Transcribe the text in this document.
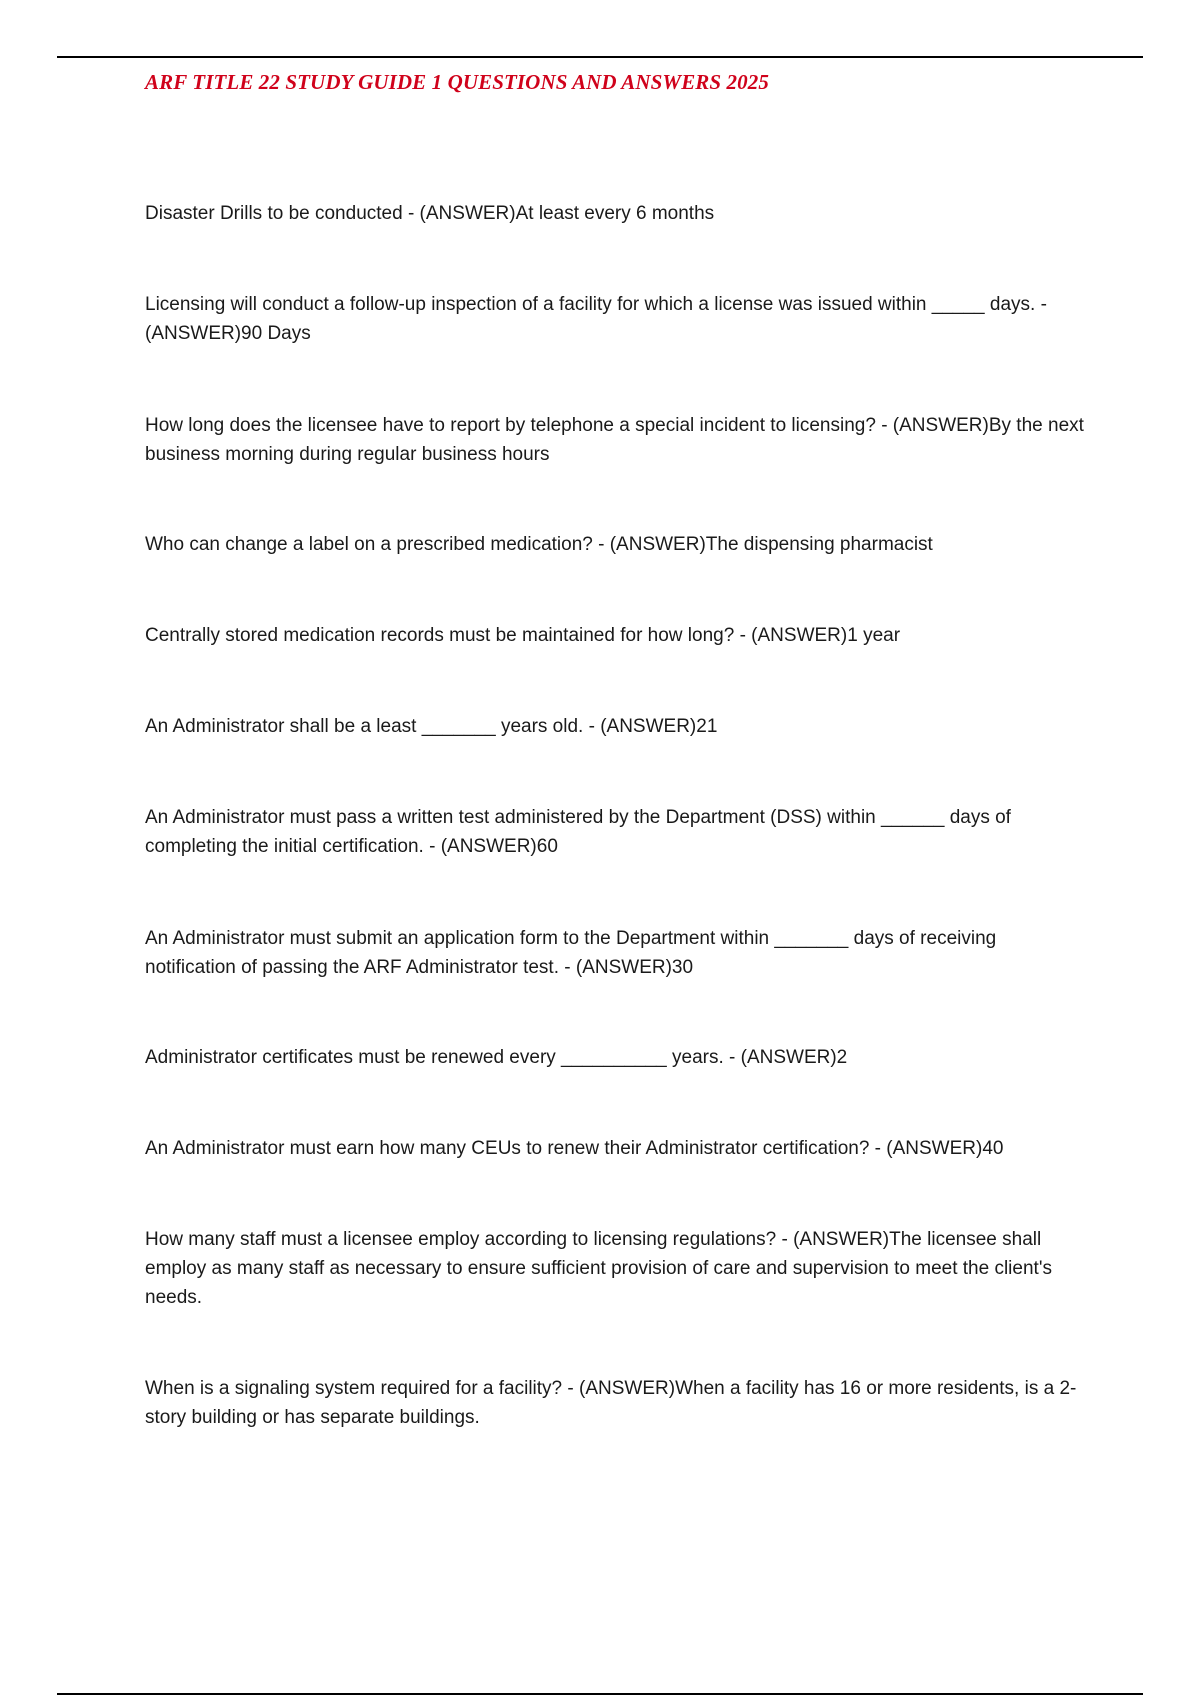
ARF TITLE 22 STUDY GUIDE 1 QUESTIONS AND ANSWERS 2025
Disaster Drills to be conducted - (ANSWER)At least every 6 months
Licensing will conduct a follow-up inspection of a facility for which a license was issued within _____ days. - (ANSWER)90 Days
How long does the licensee have to report by telephone a special incident to licensing? - (ANSWER)By the next business morning during regular business hours
Who can change a label on a prescribed medication? - (ANSWER)The dispensing pharmacist
Centrally stored medication records must be maintained for how long? - (ANSWER)1 year
An Administrator shall be a least _______ years old. - (ANSWER)21
An Administrator must pass a written test administered by the Department (DSS) within ______ days of completing the initial certification. - (ANSWER)60
An Administrator must submit an application form to the Department within _______ days of receiving notification of passing the ARF Administrator test. - (ANSWER)30
Administrator certificates must be renewed every __________ years. - (ANSWER)2
An Administrator must earn how many CEUs to renew their Administrator certification? - (ANSWER)40
How many staff must a licensee employ according to licensing regulations? - (ANSWER)The licensee shall employ as many staff as necessary to ensure sufficient provision of care and supervision to meet the client's needs.
When is a signaling system required for a facility? - (ANSWER)When a facility has 16 or more residents, is a 2-story building or has separate buildings.
